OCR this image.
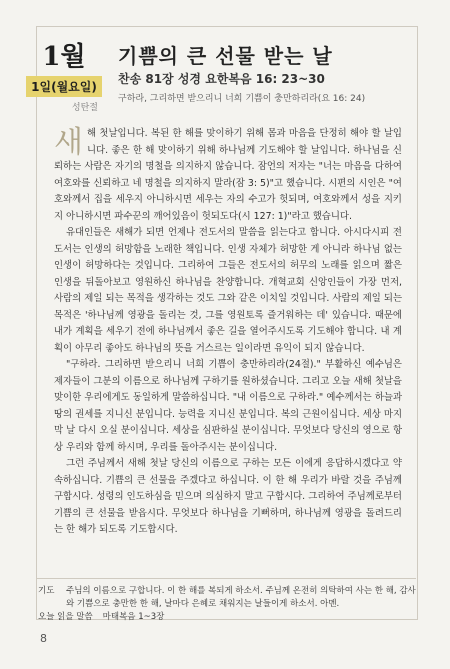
1월
1일(월요일)
성탄절
기쁨의 큰 선물 받는 날
찬송 81장 성경 요한복음 16: 23~30
구하라, 그리하면 받으리니 너희 기쁨이 충만하리라(요 16: 24)

새해 첫날입니다. 복된 한 해를 맞이하기 위해 몸과 마음을 단정히 해야 할 날입니다. 좋은 한 해 맞이하기 위해 하나님께 기도해야 할 날입니다. 하나님을 신뢰하는 사람은 자기의 명철을 의지하지 않습니다. 잠언의 저자는 "너는 마음을 다하여 여호와를 신뢰하고 네 명철을 의지하지 말라(잠 3: 5)"고 했습니다. 시편의 시인은 "여호와께서 집을 세우지 아니하시면 세우는 자의 수고가 헛되며, 여호와께서 성을 지키지 아니하시면 파수꾼의 깨어있음이 헛되도다(시 127: 1)"라고 했습니다.

유대인들은 새해가 되면 언제나 전도서의 말씀을 읽는다고 합니다. 아시다시피 전도서는 인생의 허망함을 노래한 책입니다. 인생 자체가 허망한 게 아니라 하나님 없는 인생이 허망하다는 것입니다. 그리하여 그들은 전도서의 허무의 노래를 읽으며 짧은 인생을 뒤돌아보고 영원하신 하나님을 찬양합니다. 개혁교회 신앙인들이 가장 먼저, 사람의 제일 되는 목적을 생각하는 것도 그와 같은 이치일 것입니다. 사람의 제일 되는 목적은 '하나님께 영광을 돌리는 것, 그를 영원토록 즐거워하는 데' 있습니다. 때문에 내가 계획을 세우기 전에 하나님께서 좋은 길을 열어주시도록 기도해야 합니다. 내 계획이 아무리 좋아도 하나님의 뜻을 거스르는 일이라면 유익이 되지 않습니다.

"구하라. 그리하면 받으리니 너희 기쁨이 충만하리라(24절)." 부활하신 예수님은 제자들이 그분의 이름으로 하나님께 구하기를 원하셨습니다. 그리고 오늘 새해 첫날을 맞이한 우리에게도 동일하게 말씀하십니다. "내 이름으로 구하라." 예수께서는 하늘과 땅의 권세를 지니신 분입니다. 능력을 지니신 분입니다. 복의 근원이십니다. 세상 마지막 날 다시 오실 분이십니다. 세상을 심판하실 분이십니다. 무엇보다 당신의 영으로 항상 우리와 함께 하시며, 우리를 돌아주시는 분이십니다.

그런 주님께서 새해 첫날 당신의 이름으로 구하는 모든 이에게 응답하시겠다고 약속하십니다. 기쁨의 큰 선물을 주겠다고 하십니다. 이 한 해 우리가 바랄 것을 주님께 구합시다. 성령의 인도하심을 믿으며 의심하지 말고 구합시다. 그리하여 주님께로부터 기쁨의 큰 선물을 받읍시다. 무엇보다 하나님을 기뻐하며, 하나님께 영광을 돌려드리는 한 해가 되도록 기도합시다.

기도	주님의 이름으로 구합니다. 이 한 해를 복되게 하소서. 주님께 온전히 의탁하여 사는 한 해, 감사와 기쁨으로 충만한 한 해, 날마다 은혜로 채워지는 날들이게 하소서. 아멘.
오늘 읽을 말씀 마태복음 1~3장
8
